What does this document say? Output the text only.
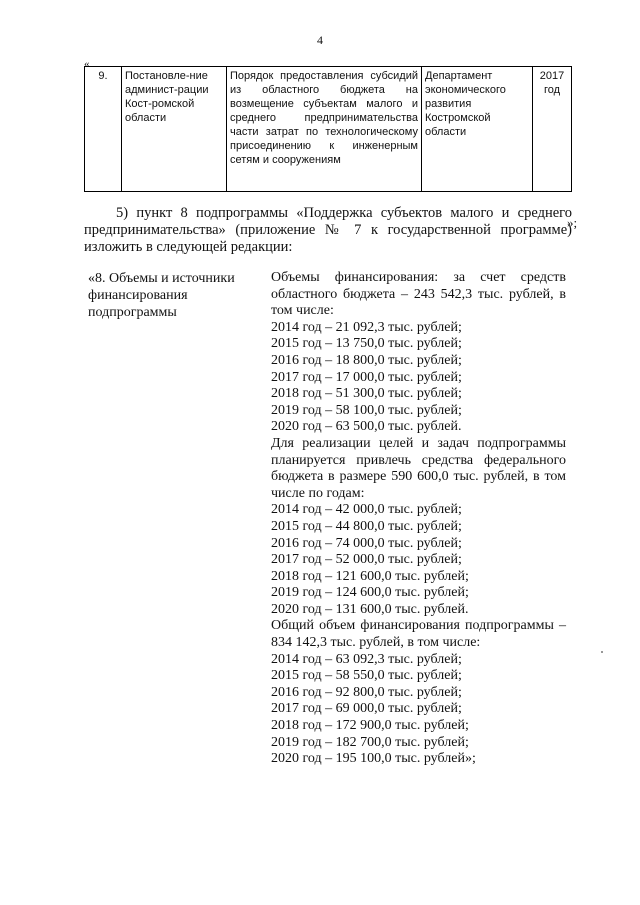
4
«
9.	Постановле-ние админист-рации Кост-ромской области	Порядок предоставления субсидий из областного бюджета на возмещение субъектам малого и среднего предпринимательства части затрат по технологическому присоединению к инженерным сетям и сооружениям	Департамент экономического развития Костромской области	2017 год
»;
5) пункт 8 подпрограммы «Поддержка субъектов малого и среднего предпринимательства» (приложение № 7 к государственной программе) изложить в следующей редакции:
«8. Объемы и источники финансирования подпрограммы
Объемы финансирования: за счет средств областного бюджета – 243 542,3 тыс. рублей, в том числе:
2014 год – 21 092,3 тыс. рублей;
2015 год – 13 750,0 тыс. рублей;
2016 год – 18 800,0 тыс. рублей;
2017 год – 17 000,0 тыс. рублей;
2018 год – 51 300,0 тыс. рублей;
2019 год – 58 100,0 тыс. рублей;
2020 год – 63 500,0 тыс. рублей.
Для реализации целей и задач подпрограммы планируется привлечь средства федерального бюджета в размере 590 600,0 тыс. рублей, в том числе по годам:
2014 год – 42 000,0 тыс. рублей;
2015 год – 44 800,0 тыс. рублей;
2016 год – 74 000,0 тыс. рублей;
2017 год – 52 000,0 тыс. рублей;
2018 год – 121 600,0 тыс. рублей;
2019 год – 124 600,0 тыс. рублей;
2020 год – 131 600,0 тыс. рублей.
Общий объем финансирования подпрограммы – 834 142,3 тыс. рублей, в том числе:
2014 год – 63 092,3 тыс. рублей;
2015 год – 58 550,0 тыс. рублей;
2016 год – 92 800,0 тыс. рублей;
2017 год – 69 000,0 тыс. рублей;
2018 год – 172 900,0 тыс. рублей;
2019 год – 182 700,0 тыс. рублей;
2020 год – 195 100,0 тыс. рублей»;
